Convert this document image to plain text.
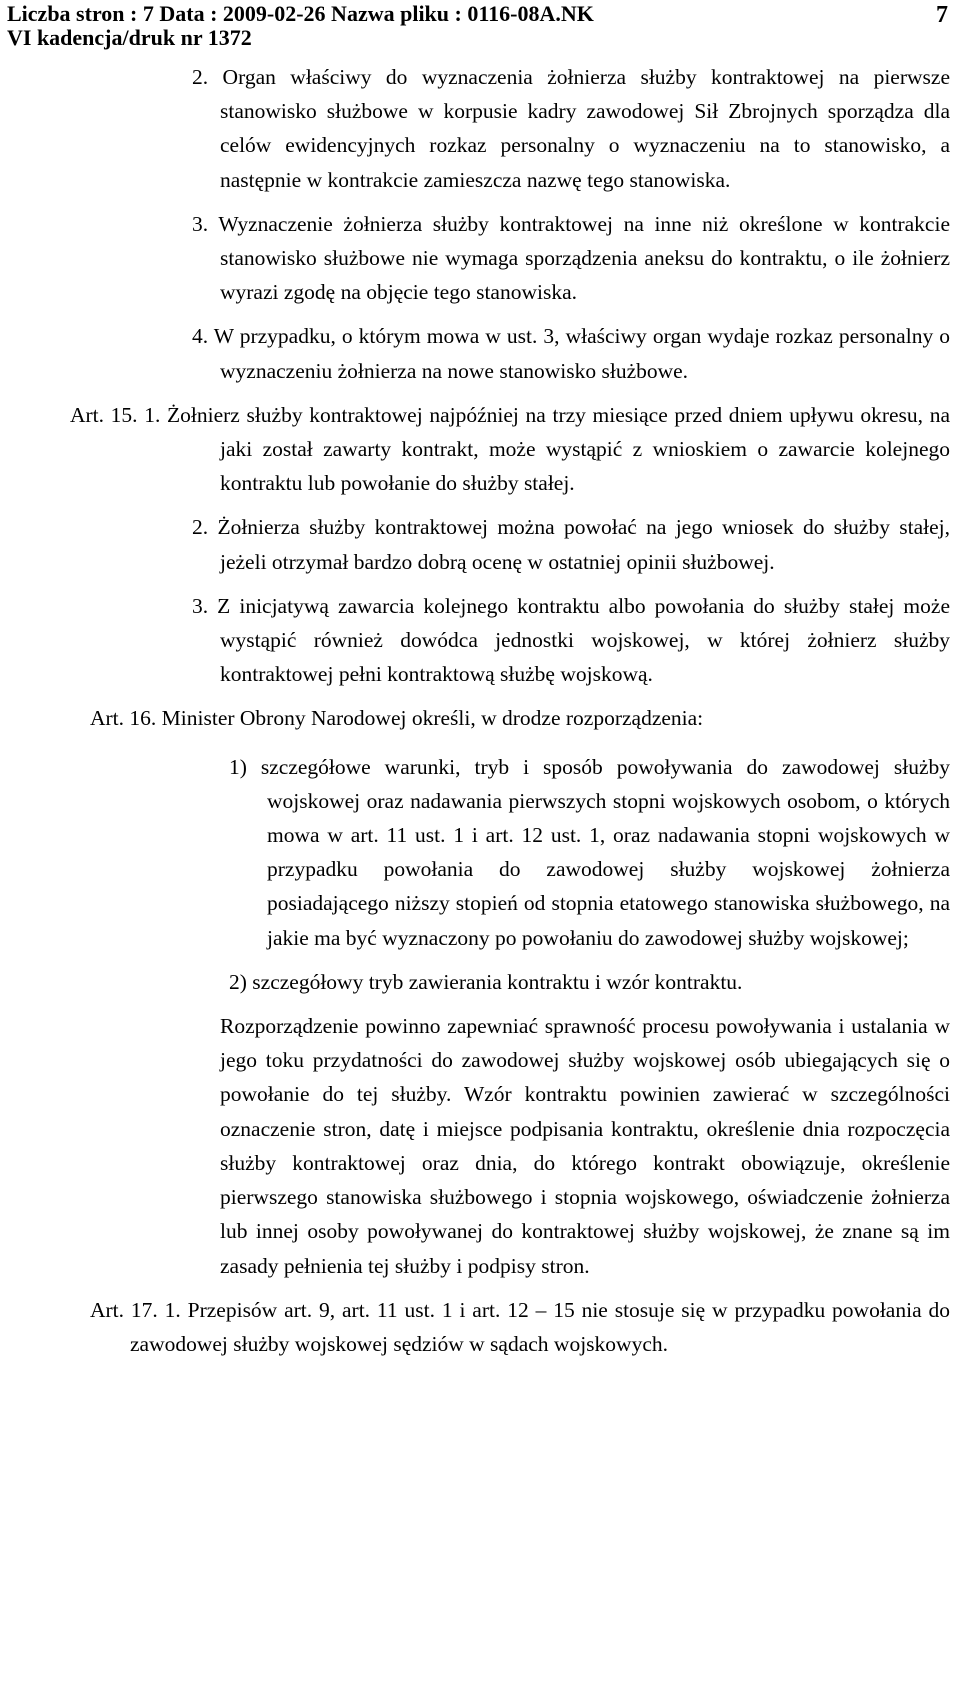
Liczba stron : 7 Data : 2009-02-26 Nazwa pliku : 0116-08A.NK
VI kadencja/druk nr 1372
7

2. Organ właściwy do wyznaczenia żołnierza służby kontraktowej na pierwsze stanowisko służbowe w korpusie kadry zawodowej Sił Zbrojnych sporządza dla celów ewidencyjnych rozkaz personalny o wyznaczeniu na to stanowisko, a następnie w kontrakcie zamieszcza nazwę tego stanowiska.

3. Wyznaczenie żołnierza służby kontraktowej na inne niż określone w kontrakcie stanowisko służbowe nie wymaga sporządzenia aneksu do kontraktu, o ile żołnierz wyrazi zgodę na objęcie tego stanowiska.

4. W przypadku, o którym mowa w ust. 3, właściwy organ wydaje rozkaz personalny o wyznaczeniu żołnierza na nowe stanowisko służbowe.

Art. 15. 1. Żołnierz służby kontraktowej najpóźniej na trzy miesiące przed dniem upływu okresu, na jaki został zawarty kontrakt, może wystąpić z wnioskiem o zawarcie kolejnego kontraktu lub powołanie do służby stałej.

2. Żołnierza służby kontraktowej można powołać na jego wniosek do służby stałej, jeżeli otrzymał bardzo dobrą ocenę w ostatniej opinii służbowej.

3. Z inicjatywą zawarcia kolejnego kontraktu albo powołania do służby stałej może wystąpić również dowódca jednostki wojskowej, w której żołnierz służby kontraktowej pełni kontraktową służbę wojskową.

Art. 16. Minister Obrony Narodowej określi, w drodze rozporządzenia:

1) szczegółowe warunki, tryb i sposób powoływania do zawodowej służby wojskowej oraz nadawania pierwszych stopni wojskowych osobom, o których mowa w art. 11 ust. 1 i art. 12 ust. 1, oraz nadawania stopni wojskowych w przypadku powołania do zawodowej służby wojskowej żołnierza posiadającego niższy stopień od stopnia etatowego stanowiska służbowego, na jakie ma być wyznaczony po powołaniu do zawodowej służby wojskowej;

2) szczegółowy tryb zawierania kontraktu i wzór kontraktu.

Rozporządzenie powinno zapewniać sprawność procesu powoływania i ustalania w jego toku przydatności do zawodowej służby wojskowej osób ubiegających się o powołanie do tej służby. Wzór kontraktu powinien zawierać w szczególności oznaczenie stron, datę i miejsce podpisania kontraktu, określenie dnia rozpoczęcia służby kontraktowej oraz dnia, do którego kontrakt obowiązuje, określenie pierwszego stanowiska służbowego i stopnia wojskowego, oświadczenie żołnierza lub innej osoby powoływanej do kontraktowej służby wojskowej, że znane są im zasady pełnienia tej służby i podpisy stron.

Art. 17. 1. Przepisów art. 9, art. 11 ust. 1 i art. 12 – 15 nie stosuje się w przypadku powołania do zawodowej służby wojskowej sędziów w sądach wojskowych.
